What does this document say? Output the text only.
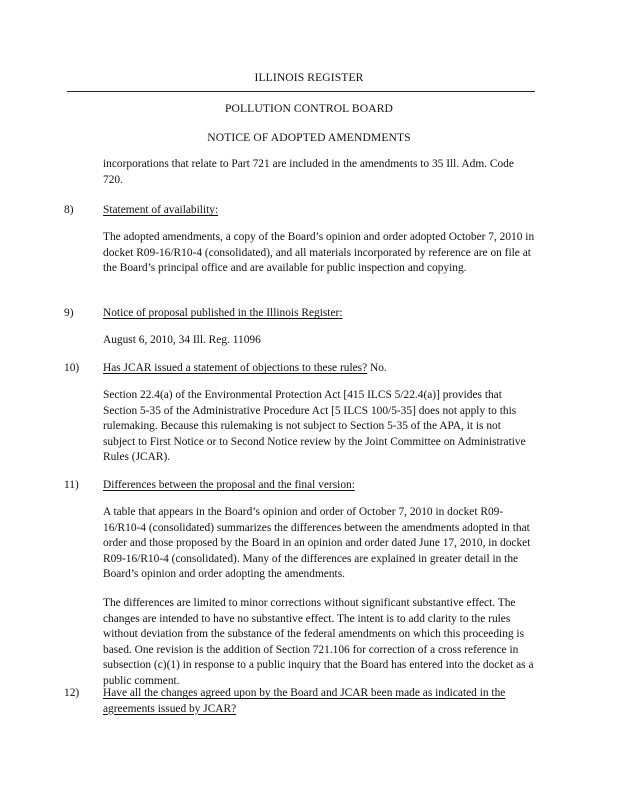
ILLINOIS REGISTER
POLLUTION CONTROL BOARD
NOTICE OF ADOPTED AMENDMENTS

incorporations that relate to Part 721 are included in the amendments to 35 Ill. Adm. Code 720.

8)	Statement of availability:

The adopted amendments, a copy of the Board’s opinion and order adopted October 7, 2010 in docket R09-16/R10-4 (consolidated), and all materials incorporated by reference are on file at the Board’s principal office and are available for public inspection and copying.

9)	Notice of proposal published in the Illinois Register:

August 6, 2010, 34 Ill. Reg. 11096

10) Has JCAR issued a statement of objections to these rules? No.

Section 22.4(a) of the Environmental Protection Act [415 ILCS 5/22.4(a)] provides that Section 5-35 of the Administrative Procedure Act [5 ILCS 100/5-35] does not apply to this rulemaking. Because this rulemaking is not subject to Section 5-35 of the APA, it is not subject to First Notice or to Second Notice review by the Joint Committee on Administrative Rules (JCAR).

11) Differences between the proposal and the final version:

A table that appears in the Board’s opinion and order of October 7, 2010 in docket R09-16/R10-4 (consolidated) summarizes the differences between the amendments adopted in that order and those proposed by the Board in an opinion and order dated June 17, 2010, in docket R09-16/R10-4 (consolidated). Many of the differences are explained in greater detail in the Board’s opinion and order adopting the amendments.

The differences are limited to minor corrections without significant substantive effect. The changes are intended to have no substantive effect. The intent is to add clarity to the rules without deviation from the substance of the federal amendments on which this proceeding is based. One revision is the addition of Section 721.106 for correction of a cross reference in subsection (c)(1) in response to a public inquiry that the Board has entered into the docket as a public comment.

12) Have all the changes agreed upon by the Board and JCAR been made as indicated in the agreements issued by JCAR?
